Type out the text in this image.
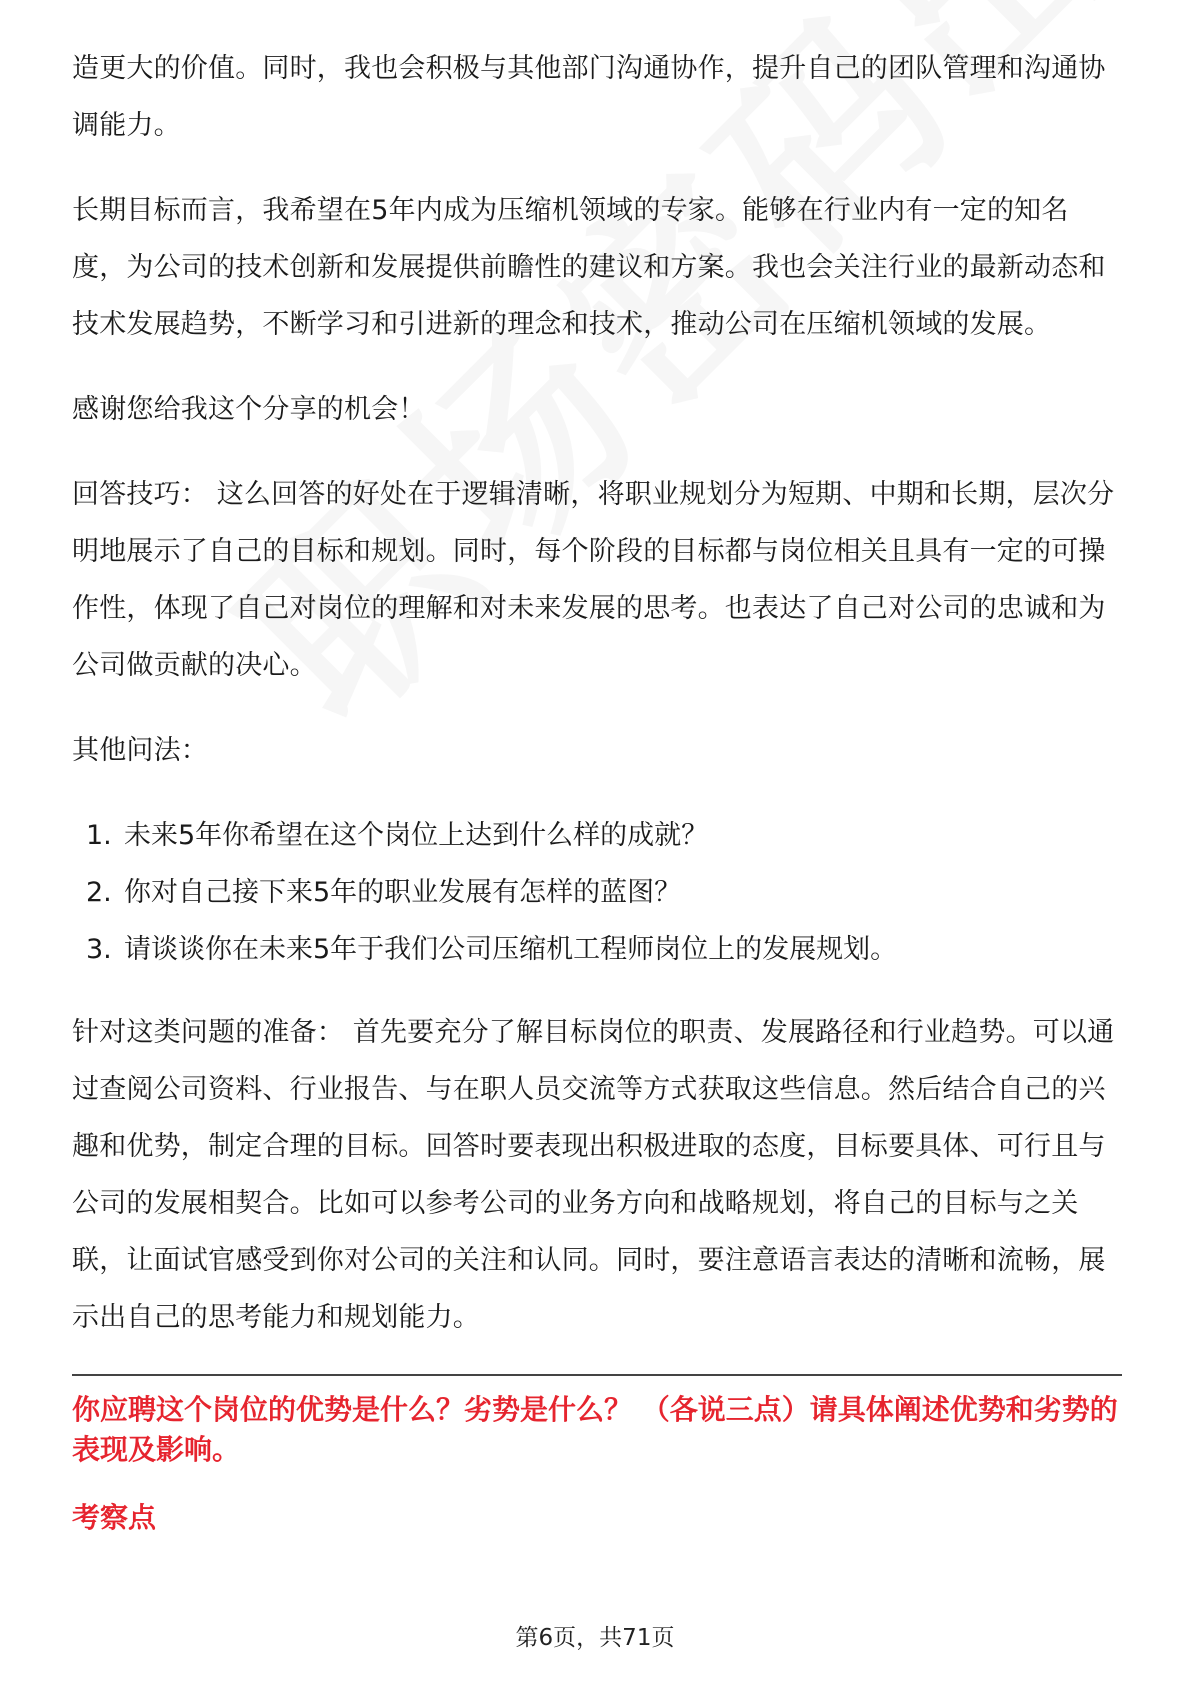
造更大的价值。同时，我也会积极与其他部门沟通协作，提升自己的团队管理和沟通协调能力。

长期目标而言，我希望在5年内成为压缩机领域的专家。能够在行业内有一定的知名度，为公司的技术创新和发展提供前瞻性的建议和方案。我也会关注行业的最新动态和技术发展趋势，不断学习和引进新的理念和技术，推动公司在压缩机领域的发展。

感谢您给我这个分享的机会！

回答技巧： 这么回答的好处在于逻辑清晰，将职业规划分为短期、中期和长期，层次分明地展示了自己的目标和规划。同时，每个阶段的目标都与岗位相关且具有一定的可操作性，体现了自己对岗位的理解和对未来发展的思考。也表达了自己对公司的忠诚和为公司做贡献的决心。

其他问法：

1. 未来5年你希望在这个岗位上达到什么样的成就？
2. 你对自己接下来5年的职业发展有怎样的蓝图？
3. 请谈谈你在未来5年于我们公司压缩机工程师岗位上的发展规划。

针对这类问题的准备： 首先要充分了解目标岗位的职责、发展路径和行业趋势。可以通过查阅公司资料、行业报告、与在职人员交流等方式获取这些信息。然后结合自己的兴趣和优势，制定合理的目标。回答时要表现出积极进取的态度，目标要具体、可行且与公司的发展相契合。比如可以参考公司的业务方向和战略规划，将自己的目标与之关联，让面试官感受到你对公司的关注和认同。同时，要注意语言表达的清晰和流畅，展示出自己的思考能力和规划能力。

你应聘这个岗位的优势是什么？劣势是什么？ （各说三点）请具体阐述优势和劣势的表现及影响。
考察点
第6页，共71页
